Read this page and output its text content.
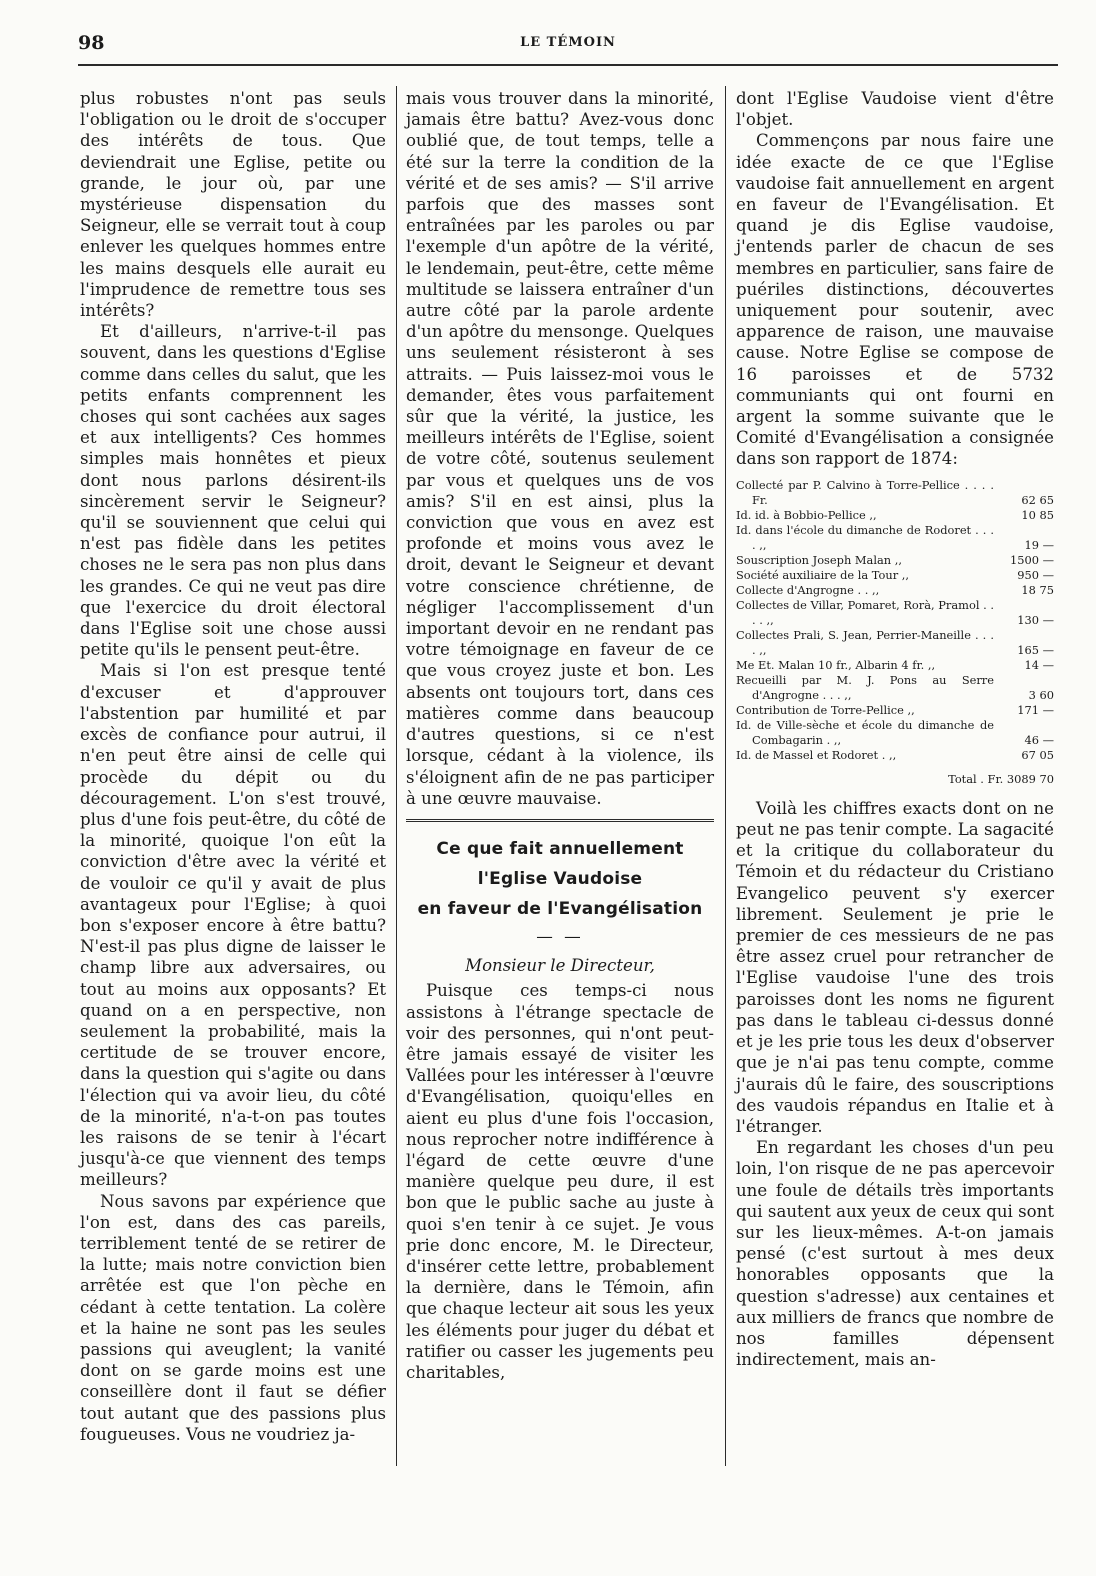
98	LE TÉMOIN

plus robustes n'ont pas seuls l'obligation ou le droit de s'occuper des intérêts de tous. Que deviendrait une Eglise, petite ou grande, le jour où, par une mystérieuse dispensation du Seigneur, elle se verrait tout à coup enlever les quelques hommes entre les mains desquels elle aurait eu l'imprudence de remettre tous ses intérêts?

Et d'ailleurs, n'arrive-t-il pas souvent, dans les questions d'Eglise comme dans celles du salut, que les petits enfants comprennent les choses qui sont cachées aux sages et aux intelligents? Ces hommes simples mais honnêtes et pieux dont nous parlons désirent-ils sincèrement servir le Seigneur? qu'il se souviennent que celui qui n'est pas fidèle dans les petites choses ne le sera pas non plus dans les grandes. Ce qui ne veut pas dire que l'exercice du droit électoral dans l'Eglise soit une chose aussi petite qu'ils le pensent peut-être.

Mais si l'on est presque tenté d'excuser et d'approuver l'abstention par humilité et par excès de confiance pour autrui, il n'en peut être ainsi de celle qui procède du dépit ou du découragement. L'on s'est trouvé, plus d'une fois peut-être, du côté de la minorité, quoique l'on eût la conviction d'être avec la vérité et de vouloir ce qu'il y avait de plus avantageux pour l'Eglise; à quoi bon s'exposer encore à être battu? N'est-il pas plus digne de laisser le champ libre aux adversaires, ou tout au moins aux opposants? Et quand on a en perspective, non seulement la probabilité, mais la certitude de se trouver encore, dans la question qui s'agite ou dans l'élection qui va avoir lieu, du côté de la minorité, n'a-t-on pas toutes les raisons de se tenir à l'écart jusqu'à-ce que viennent des temps meilleurs?

Nous savons par expérience que l'on est, dans des cas pareils, terriblement tenté de se retirer de la lutte; mais notre conviction bien arrêtée est que l'on pèche en cédant à cette tentation. La colère et la haine ne sont pas les seules passions qui aveuglent; la vanité dont on se garde moins est une conseillère dont il faut se défier tout autant que des passions plus fougueuses. Vous ne voudriez ja-

mais vous trouver dans la minorité, jamais être battu? Avez-vous donc oublié que, de tout temps, telle a été sur la terre la condition de la vérité et de ses amis? — S'il arrive parfois que des masses sont entraînées par les paroles ou par l'exemple d'un apôtre de la vérité, le lendemain, peut-être, cette même multitude se laissera entraîner d'un autre côté par la parole ardente d'un apôtre du mensonge. Quelques uns seulement résisteront à ses attraits. — Puis laissez-moi vous le demander, êtes vous parfaitement sûr que la vérité, la justice, les meilleurs intérêts de l'Eglise, soient de votre côté, soutenus seulement par vous et quelques uns de vos amis? S'il en est ainsi, plus la conviction que vous en avez est profonde et moins vous avez le droit, devant le Seigneur et devant votre conscience chrétienne, de négliger l'accomplissement d'un important devoir en ne rendant pas votre témoignage en faveur de ce que vous croyez juste et bon. Les absents ont toujours tort, dans ces matières comme dans beaucoup d'autres questions, si ce n'est lorsque, cédant à la violence, ils s'éloignent afin de ne pas participer à une œuvre mauvaise.

Ce que fait annuellement
l'Eglise Vaudoise
en faveur de l'Evangélisation
— —
Monsieur le Directeur,

Puisque ces temps-ci nous assistons à l'étrange spectacle de voir des personnes, qui n'ont peut-être jamais essayé de visiter les Vallées pour les intéresser à l'œuvre d'Evangélisation, quoiqu'elles en aient eu plus d'une fois l'occasion, nous reprocher notre indifférence à l'égard de cette œuvre d'une manière quelque peu dure, il est bon que le public sache au juste à quoi s'en tenir à ce sujet. Je vous prie donc encore, M. le Directeur, d'insérer cette lettre, probablement la dernière, dans le Témoin, afin que chaque lecteur ait sous les yeux les éléments pour juger du débat et ratifier ou casser les jugements peu charitables,

dont l'Eglise Vaudoise vient d'être l'objet.

Commençons par nous faire une idée exacte de ce que l'Eglise vaudoise fait annuellement en argent en faveur de l'Evangélisation. Et quand je dis Eglise vaudoise, j'entends parler de chacun de ses membres en particulier, sans faire de puériles distinctions, découvertes uniquement pour soutenir, avec apparence de raison, une mauvaise cause. Notre Eglise se compose de 16 paroisses et de 5732 communiants qui ont fourni en argent la somme suivante que le Comité d'Evangélisation a consignée dans son rapport de 1874:

Collecté par P. Calvino à Torre-Pellice . . . . Fr.	62 65
Id. id. à Bobbio-Pellice ,,	10 85
Id. dans l'école du dimanche de Rodoret . . . . ,,	19 —
Souscription Joseph Malan ,,	1500 —
Société auxiliaire de la Tour ,,	950 —
Collecte d'Angrogne . . ,,	18 75
Collectes de Villar, Pomaret, Rorà, Pramol . . . . ,,	130 —
Collectes Prali, S. Jean, Perrier-Maneille . . . . ,,	165 —
Me Et. Malan 10 fr., Albarin 4 fr. ,,	14 —
Recueilli par M. J. Pons au Serre d'Angrogne . . . ,,	3 60
Contribution de Torre-Pellice ,,	171 —
Id. de Ville-sèche et école du dimanche de Combagarin . ,,	46 —
Id. de Massel et Rodoret . ,,	67 05
Total . Fr. 3089 70

Voilà les chiffres exacts dont on ne peut ne pas tenir compte. La sagacité et la critique du collaborateur du Témoin et du rédacteur du Cristiano Evangelico peuvent s'y exercer librement. Seulement je prie le premier de ces messieurs de ne pas être assez cruel pour retrancher de l'Eglise vaudoise l'une des trois paroisses dont les noms ne figurent pas dans le tableau ci-dessus donné et je les prie tous les deux d'observer que je n'ai pas tenu compte, comme j'aurais dû le faire, des souscriptions des vaudois répandus en Italie et à l'étranger.

En regardant les choses d'un peu loin, l'on risque de ne pas apercevoir une foule de détails très importants qui sautent aux yeux de ceux qui sont sur les lieux-mêmes. A-t-on jamais pensé (c'est surtout à mes deux honorables opposants que la question s'adresse) aux centaines et aux milliers de francs que nombre de nos familles dépensent indirectement, mais an-
